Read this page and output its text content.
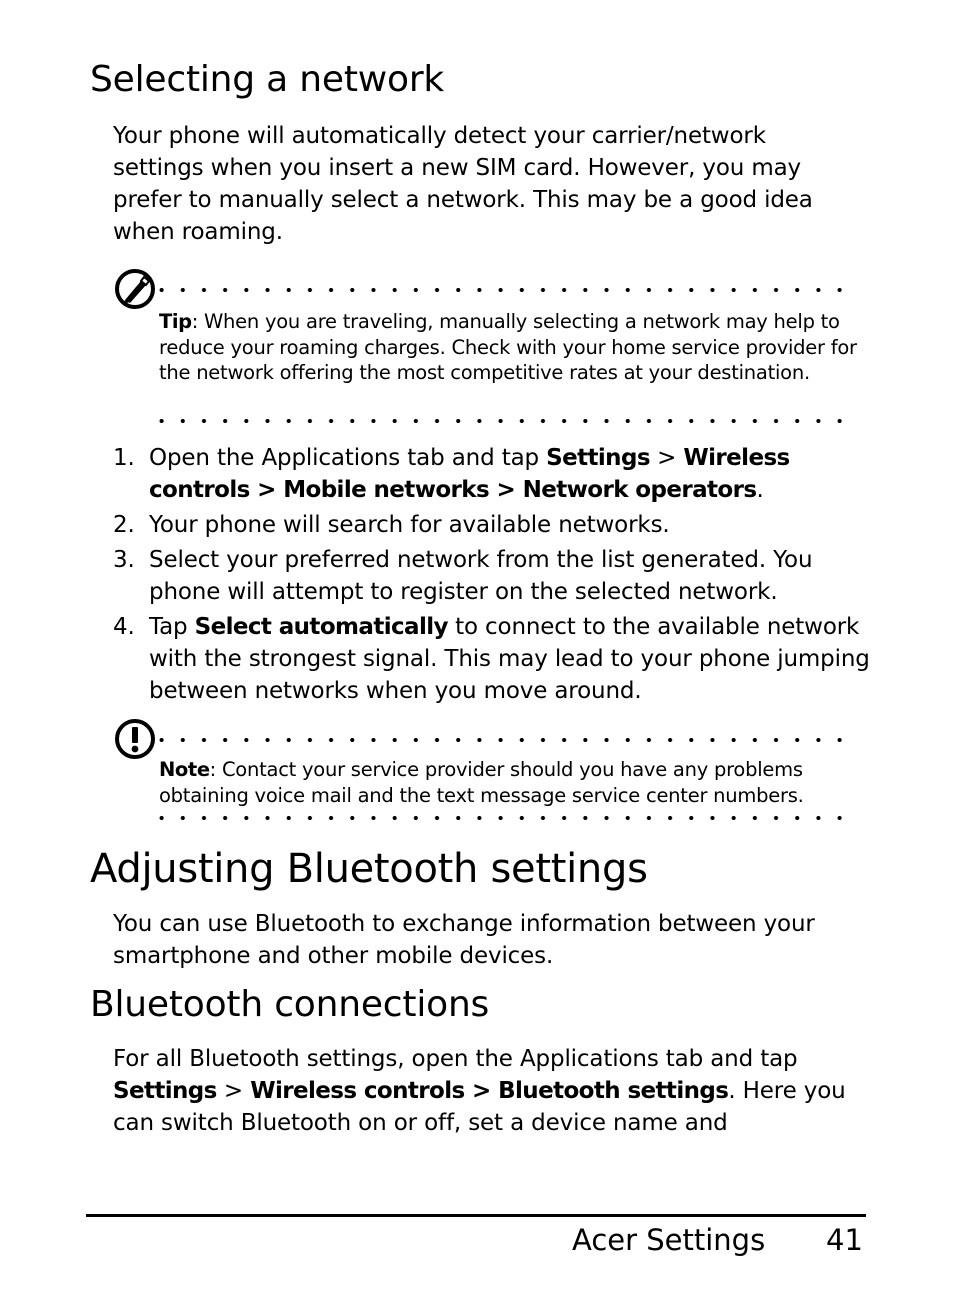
Selecting a network

Your phone will automatically detect your carrier/network settings when you insert a new SIM card. However, you may prefer to manually select a network. This may be a good idea when roaming.

Tip: When you are traveling, manually selecting a network may help to reduce your roaming charges. Check with your home service provider for the network offering the most competitive rates at your destination.
1. Open the Applications tab and tap Settings > Wireless controls > Mobile networks > Network operators.
2. Your phone will search for available networks.
3. Select your preferred network from the list generated. You phone will attempt to register on the selected network.
4. Tap Select automatically to connect to the available network with the strongest signal. This may lead to your phone jumping between networks when you move around.
Note: Contact your service provider should you have any problems obtaining voice mail and the text message service center numbers.
Adjusting Bluetooth settings

You can use Bluetooth to exchange information between your smartphone and other mobile devices.

Bluetooth connections

For all Bluetooth settings, open the Applications tab and tap Settings > Wireless controls > Bluetooth settings. Here you can switch Bluetooth on or off, set a device name and

Acer Settings 41
